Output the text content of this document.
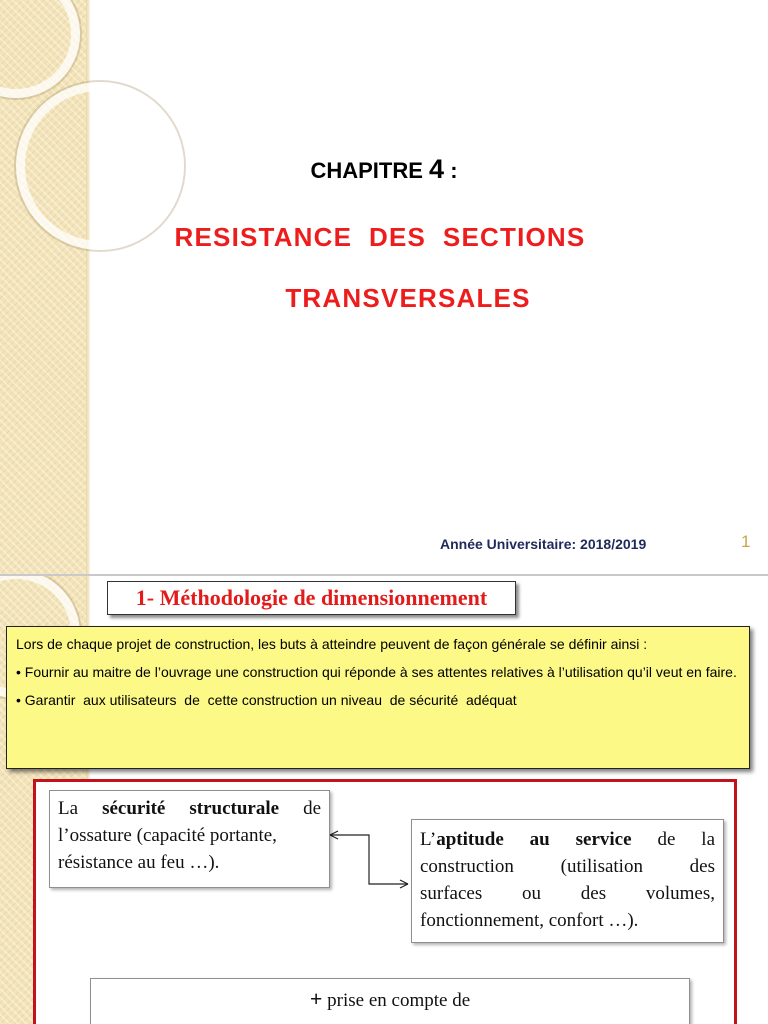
CHAPITRE 4 :
RESISTANCE  DES  SECTIONS
TRANSVERSALES
Année Universitaire: 2018/2019	1
1- Méthodologie de dimensionnement

Lors de chaque projet de construction, les buts à atteindre peuvent de façon générale se définir ainsi :

• Fournir au maitre de l’ouvrage une construction qui réponde à ses attentes relatives à l’utilisation qu’il veut en faire.

• Garantir  aux utilisateurs  de  cette construction un niveau  de sécurité  adéquat

La sécurité structurale de
l’ossature (capacité portante,
résistance au feu …).
L’aptitude au service de la
construction (utilisation des
surfaces ou des volumes,
fonctionnement, confort …).
+ prise en compte de
